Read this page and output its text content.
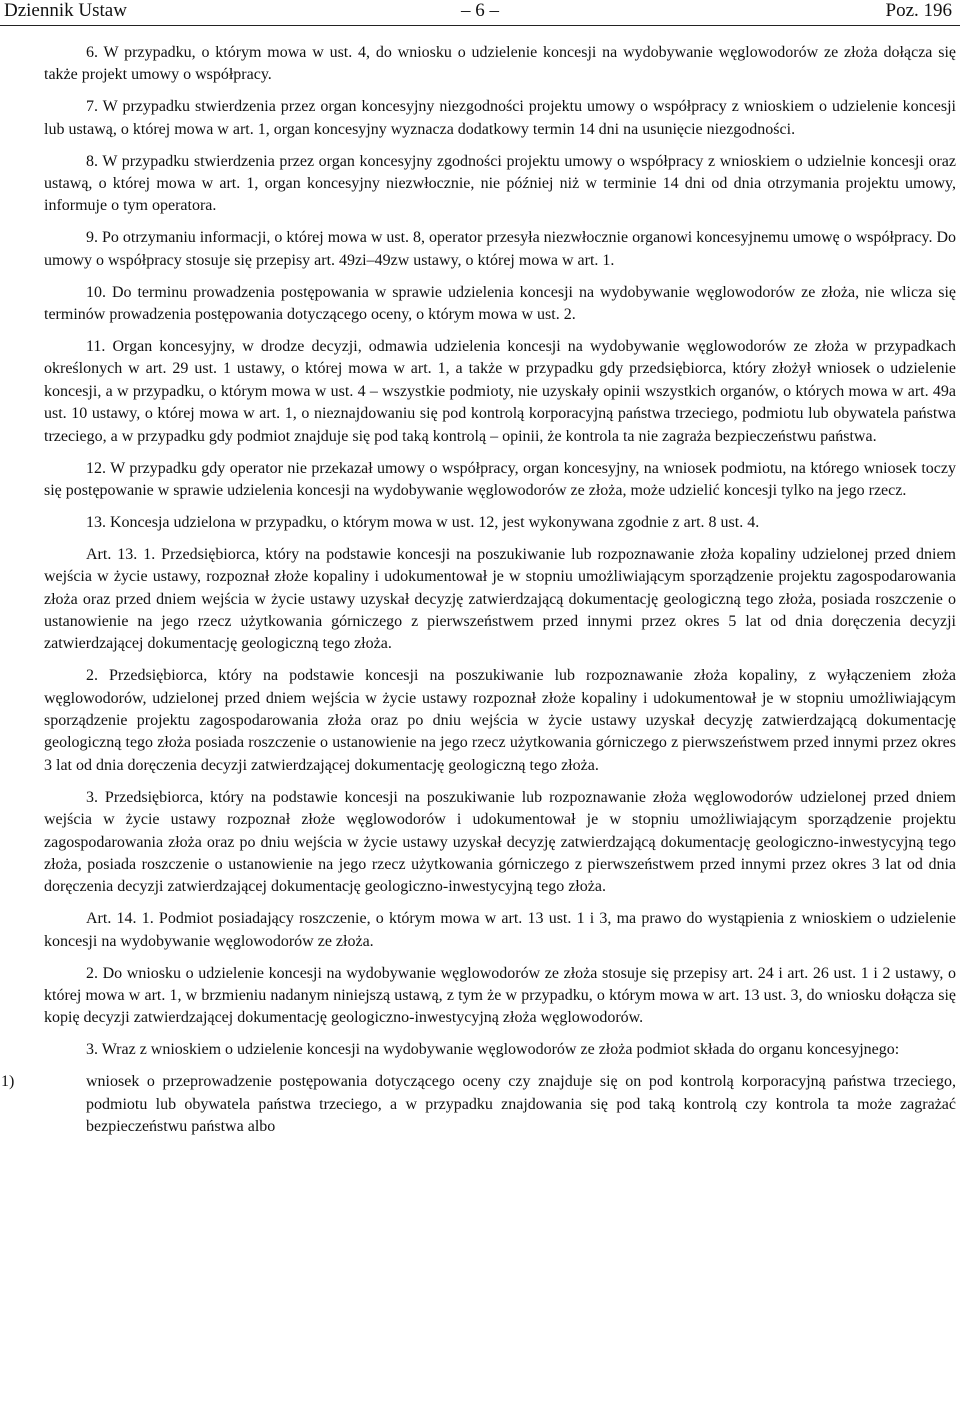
Dziennik Ustaw	– 6 –	Poz. 196

6. W przypadku, o którym mowa w ust. 4, do wniosku o udzielenie koncesji na wydobywanie węglowodorów ze złoża dołącza się także projekt umowy o współpracy.

7. W przypadku stwierdzenia przez organ koncesyjny niezgodności projektu umowy o współpracy z wnioskiem o udzielenie koncesji lub ustawą, o której mowa w art. 1, organ koncesyjny wyznacza dodatkowy termin 14 dni na usunięcie niezgodności.

8. W przypadku stwierdzenia przez organ koncesyjny zgodności projektu umowy o współpracy z wnioskiem o udzielnie koncesji oraz ustawą, o której mowa w art. 1, organ koncesyjny niezwłocznie, nie później niż w terminie 14 dni od dnia otrzymania projektu umowy, informuje o tym operatora.

9. Po otrzymaniu informacji, o której mowa w ust. 8, operator przesyła niezwłocznie organowi koncesyjnemu umowę o współpracy. Do umowy o współpracy stosuje się przepisy art. 49zi–49zw ustawy, o której mowa w art. 1.

10. Do terminu prowadzenia postępowania w sprawie udzielenia koncesji na wydobywanie węglowodorów ze złoża, nie wlicza się terminów prowadzenia postępowania dotyczącego oceny, o którym mowa w ust. 2.

11. Organ koncesyjny, w drodze decyzji, odmawia udzielenia koncesji na wydobywanie węglowodorów ze złoża w przypadkach określonych w art. 29 ust. 1 ustawy, o której mowa w art. 1, a także w przypadku gdy przedsiębiorca, który złożył wniosek o udzielenie koncesji, a w przypadku, o którym mowa w ust. 4 – wszystkie podmioty, nie uzyskały opinii wszystkich organów, o których mowa w art. 49a ust. 10 ustawy, o której mowa w art. 1, o nieznajdowaniu się pod kontrolą korporacyjną państwa trzeciego, podmiotu lub obywatela państwa trzeciego, a w przypadku gdy podmiot znajduje się pod taką kontrolą – opinii, że kontrola ta nie zagraża bezpieczeństwu państwa.

12. W przypadku gdy operator nie przekazał umowy o współpracy, organ koncesyjny, na wniosek podmiotu, na którego wniosek toczy się postępowanie w sprawie udzielenia koncesji na wydobywanie węglowodorów ze złoża, może udzielić koncesji tylko na jego rzecz.

13. Koncesja udzielona w przypadku, o którym mowa w ust. 12, jest wykonywana zgodnie z art. 8 ust. 4.

Art. 13. 1. Przedsiębiorca, który na podstawie koncesji na poszukiwanie lub rozpoznawanie złoża kopaliny udzielonej przed dniem wejścia w życie ustawy, rozpoznał złoże kopaliny i udokumentował je w stopniu umożliwiającym sporządzenie projektu zagospodarowania złoża oraz przed dniem wejścia w życie ustawy uzyskał decyzję zatwierdzającą dokumentację geologiczną tego złoża, posiada roszczenie o ustanowienie na jego rzecz użytkowania górniczego z pierwszeństwem przed innymi przez okres 5 lat od dnia doręczenia decyzji zatwierdzającej dokumentację geologiczną tego złoża.

2. Przedsiębiorca, który na podstawie koncesji na poszukiwanie lub rozpoznawanie złoża kopaliny, z wyłączeniem złoża węglowodorów, udzielonej przed dniem wejścia w życie ustawy rozpoznał złoże kopaliny i udokumentował je w stopniu umożliwiającym sporządzenie projektu zagospodarowania złoża oraz po dniu wejścia w życie ustawy uzyskał decyzję zatwierdzającą dokumentację geologiczną tego złoża posiada roszczenie o ustanowienie na jego rzecz użytkowania górniczego z pierwszeństwem przed innymi przez okres 3 lat od dnia doręczenia decyzji zatwierdzającej dokumentację geologiczną tego złoża.

3. Przedsiębiorca, który na podstawie koncesji na poszukiwanie lub rozpoznawanie złoża węglowodorów udzielonej przed dniem wejścia w życie ustawy rozpoznał złoże węglowodorów i udokumentował je w stopniu umożliwiającym sporządzenie projektu zagospodarowania złoża oraz po dniu wejścia w życie ustawy uzyskał decyzję zatwierdzającą dokumentację geologiczno-inwestycyjną tego złoża, posiada roszczenie o ustanowienie na jego rzecz użytkowania górniczego z pierwszeństwem przed innymi przez okres 3 lat od dnia doręczenia decyzji zatwierdzającej dokumentację geologiczno-inwestycyjną tego złoża.

Art. 14. 1. Podmiot posiadający roszczenie, o którym mowa w art. 13 ust. 1 i 3, ma prawo do wystąpienia z wnioskiem o udzielenie koncesji na wydobywanie węglowodorów ze złoża.

2. Do wniosku o udzielenie koncesji na wydobywanie węglowodorów ze złoża stosuje się przepisy art. 24 i art. 26 ust. 1 i 2 ustawy, o której mowa w art. 1, w brzmieniu nadanym niniejszą ustawą, z tym że w przypadku, o którym mowa w art. 13 ust. 3, do wniosku dołącza się kopię decyzji zatwierdzającej dokumentację geologiczno-inwestycyjną złoża węglowodorów.

3. Wraz z wnioskiem o udzielenie koncesji na wydobywanie węglowodorów ze złoża podmiot składa do organu koncesyjnego:

1)	wniosek o przeprowadzenie postępowania dotyczącego oceny czy znajduje się on pod kontrolą korporacyjną państwa trzeciego, podmiotu lub obywatela państwa trzeciego, a w przypadku znajdowania się pod taką kontrolą czy kontrola ta może zagrażać bezpieczeństwu państwa albo
